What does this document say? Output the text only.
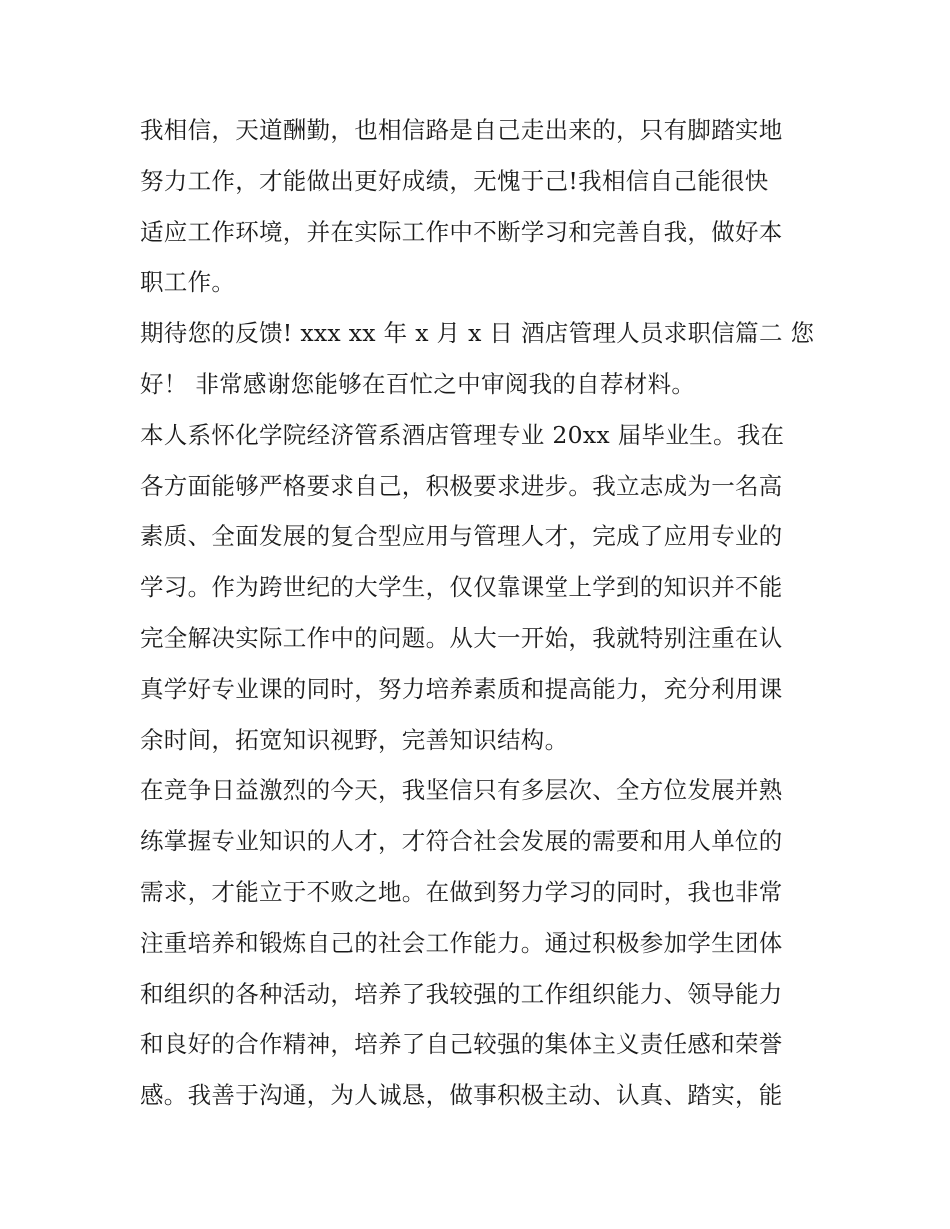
我相信，天道酬勤，也相信路是自己走出来的，只有脚踏实地
努力工作，才能做出更好成绩，无愧于己!我相信自己能很快
适应工作环境，并在实际工作中不断学习和完善自我，做好本
职工作。
期待您的反馈! xxx xx 年 x 月 x 日 酒店管理人员求职信篇二 您
好！ 非常感谢您能够在百忙之中审阅我的自荐材料。
本人系怀化学院经济管系酒店管理专业 20xx 届毕业生。我在
各方面能够严格要求自己，积极要求进步。我立志成为一名高
素质、全面发展的复合型应用与管理人才，完成了应用专业的
学习。作为跨世纪的大学生，仅仅靠课堂上学到的知识并不能
完全解决实际工作中的问题。从大一开始，我就特别注重在认
真学好专业课的同时，努力培养素质和提高能力，充分利用课
余时间，拓宽知识视野，完善知识结构。
在竞争日益激烈的今天，我坚信只有多层次、全方位发展并熟
练掌握专业知识的人才，才符合社会发展的需要和用人单位的
需求，才能立于不败之地。在做到努力学习的同时，我也非常
注重培养和锻炼自己的社会工作能力。通过积极参加学生团体
和组织的各种活动，培养了我较强的工作组织能力、领导能力
和良好的合作精神，培养了自己较强的集体主义责任感和荣誉
感。我善于沟通，为人诚恳，做事积极主动、认真、踏实，能
